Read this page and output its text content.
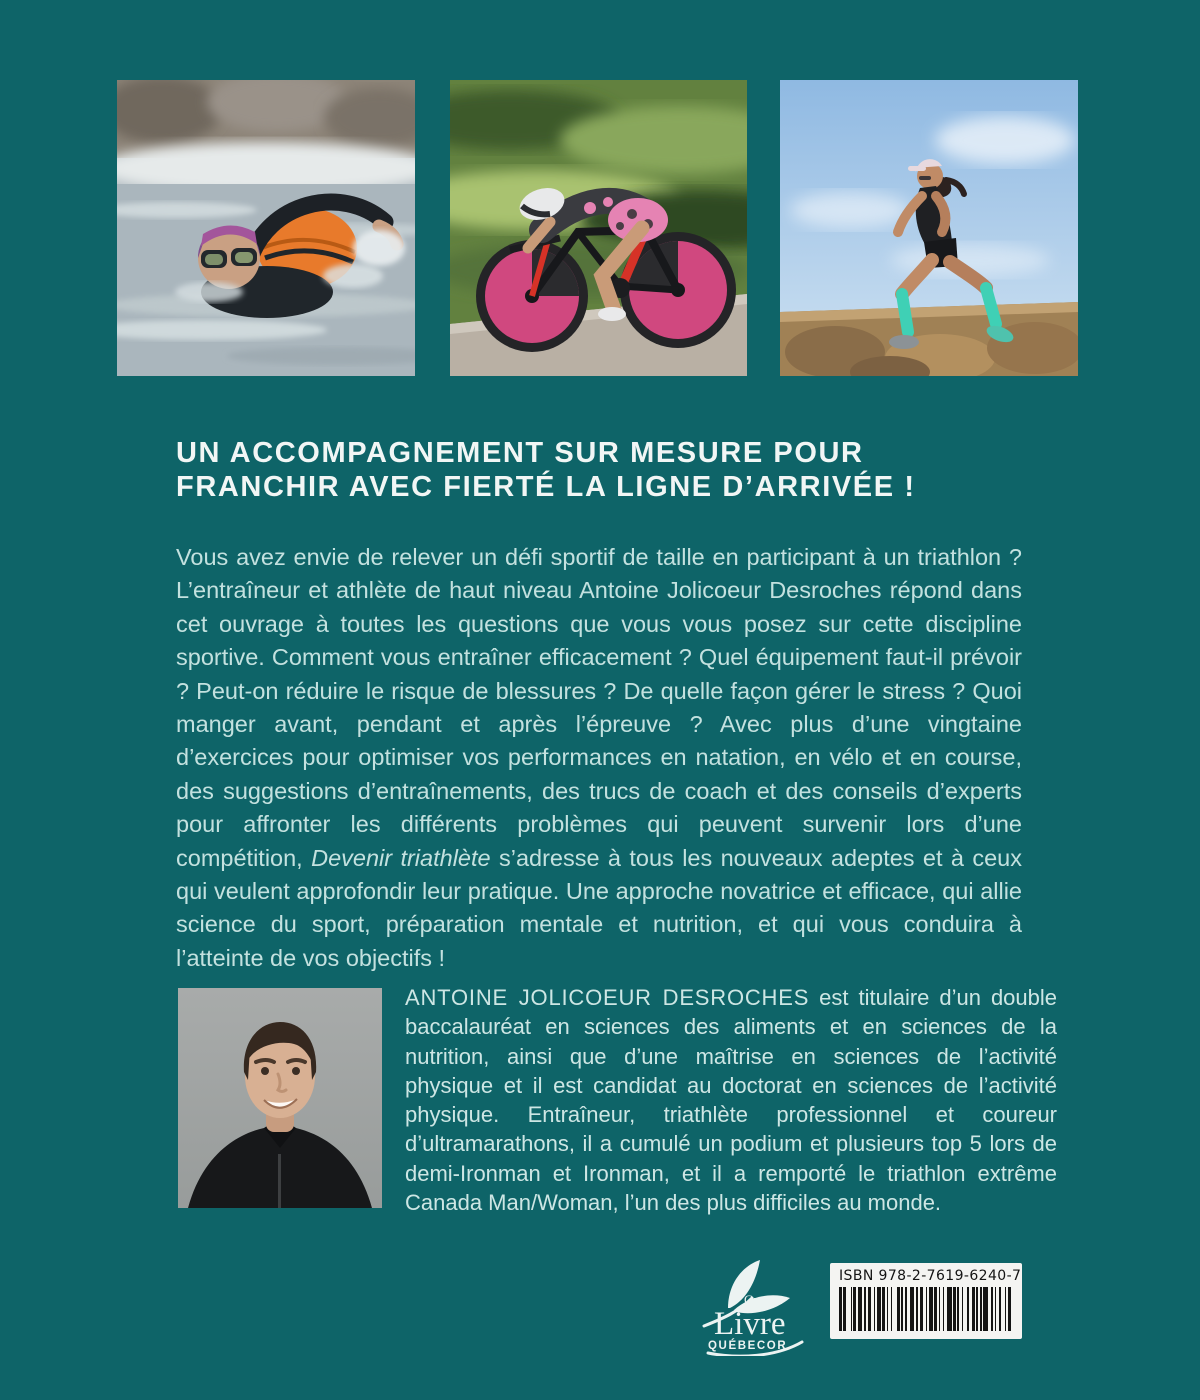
UN ACCOMPAGNEMENT SUR MESURE POUR
FRANCHIR AVEC FIERTÉ LA LIGNE D’ARRIVÉE !

Vous avez envie de relever un défi sportif de taille en participant à un triathlon ? L’entraîneur et athlète de haut niveau Antoine Jolicoeur Desroches répond dans cet ouvrage à toutes les questions que vous vous posez sur cette discipline sportive. Comment vous entraîner efficacement ? Quel équipement faut-il prévoir ? Peut-on réduire le risque de blessures ? De quelle façon gérer le stress ? Quoi manger avant, pendant et après l’épreuve ? Avec plus d’une vingtaine d’exercices pour optimiser vos performances en natation, en vélo et en course, des suggestions d’entraînements, des trucs de coach et des conseils d’experts pour affronter les différents problèmes qui peuvent survenir lors d’une compétition, Devenir triathlète s’adresse à tous les nouveaux adeptes et à ceux qui veulent approfondir leur pratique. Une approche novatrice et efficace, qui allie science du sport, préparation mentale et nutrition, et qui vous conduira à l’atteinte de vos objectifs !

ANTOINE JOLICOEUR DESROCHES est titulaire d’un double baccalauréat en sciences des aliments et en sciences de la nutrition, ainsi que d’une maîtrise en sciences de l’activité physique et il est candidat au doctorat en sciences de l’activité physique. Entraîneur, triathlète professionnel et coureur d’ultramarathons, il a cumulé un podium et plusieurs top 5 lors de demi-Ironman et Ironman, et il a remporté le triathlon extrême Canada Man/Woman, l’un des plus difficiles au monde.

Groupe
Livre
QUÉBECOR
ISBN 978-2-7619-6240-7
